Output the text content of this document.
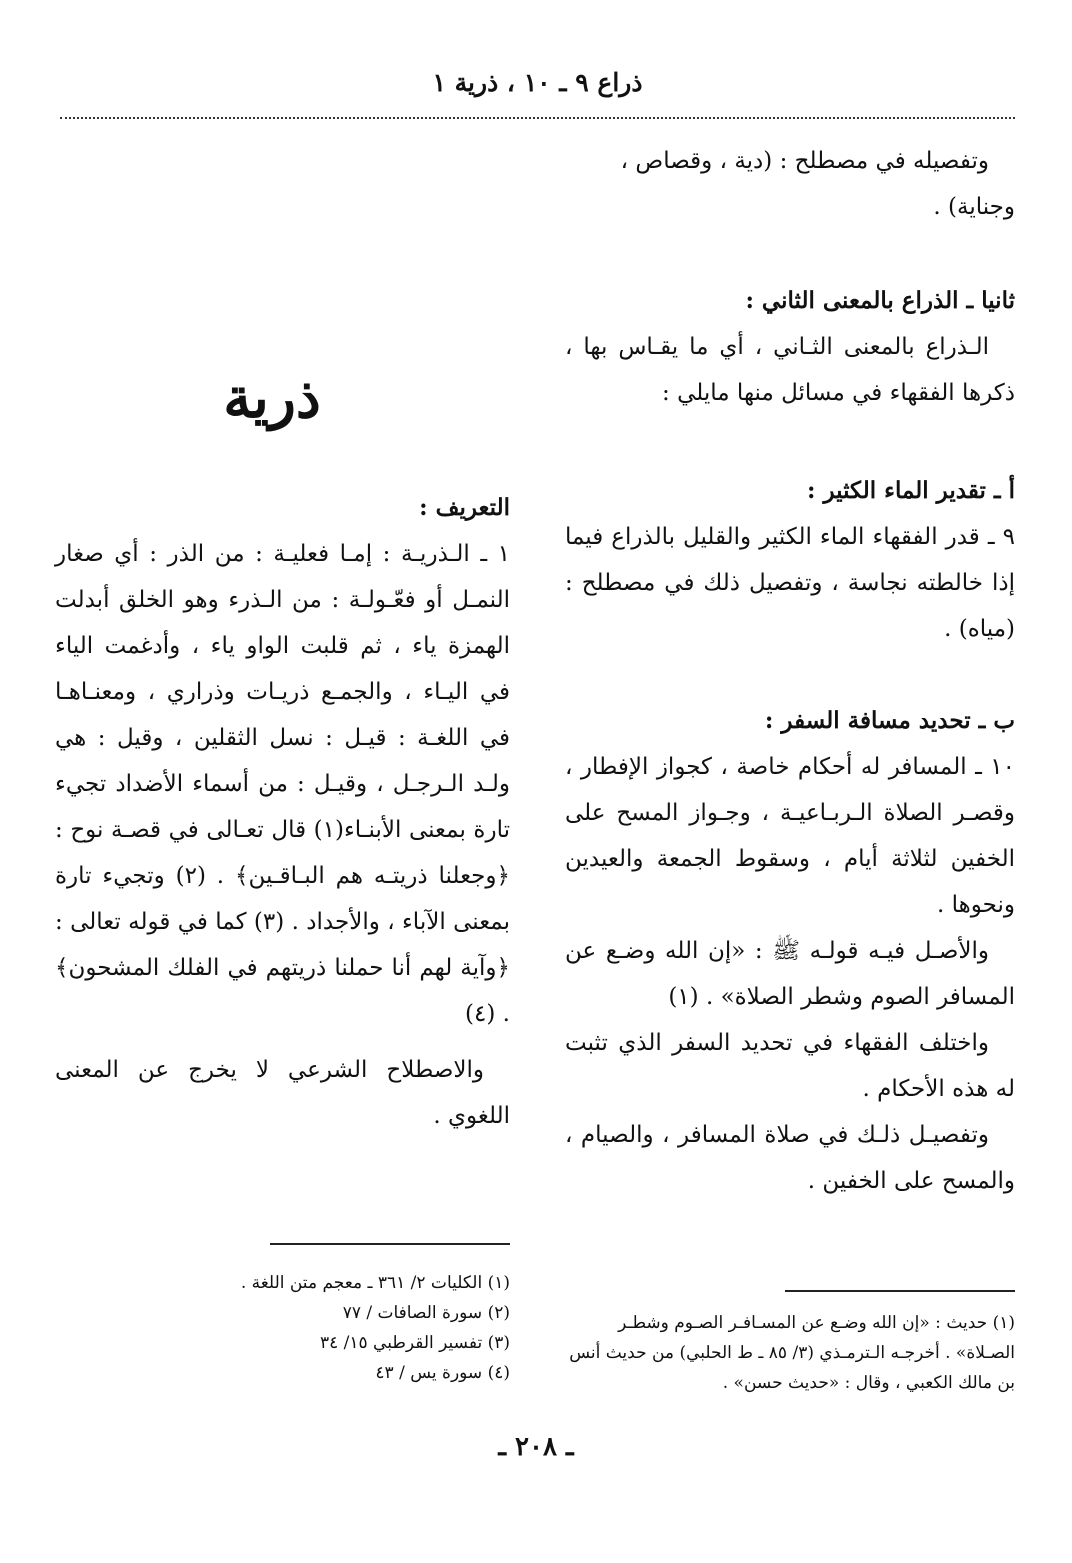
ذراع ٩ ـ ١٠ ، ذرية ١

وتفصيله في مصطلح : (دية ، وقصاص ،

وجناية) .

ثانيا ـ الذراع بالمعنى الثاني :

الـذراع بالمعنى الثـاني ، أي ما يقـاس بها ، ذكرها الفقهاء في مسائل منها مايلي :

أ ـ تقدير الماء الكثير :

٩ ـ قدر الفقهاء الماء الكثير والقليل بالذراع فيما إذا خالطته نجاسة ، وتفصيل ذلك في مصطلح : (مياه) .

ب ـ تحديد مسافة السفر :

١٠ ـ المسافر له أحكام خاصة ، كجواز الإفطار ، وقصـر الصلاة الـربـاعيـة ، وجـواز المسح على الخفين لثلاثة أيام ، وسقوط الجمعة والعيدين ونحوها .

والأصـل فيـه قولـه ﷺ : «إن الله وضـع عن المسافر الصوم وشطر الصلاة» . (١)

واختلف الفقهاء في تحديد السفر الذي تثبت له هذه الأحكام .

وتفصيـل ذلـك في صلاة المسافر ، والصيام ، والمسح على الخفين .

(١) حديث : «إن الله وضـع عن المسـافـر الصـوم وشطـر الصـلاة» . أخرجـه الـترمـذي (٣/ ٨٥ ـ ط الحلبي) من حديث أنس بن مالك الكعبي ، وقال : «حديث حسن» .

ذرية

التعريف :

١ ـ الـذريـة : إمـا فعليـة : من الذر : أي صغار النمـل أو فعّـولـة : من الـذرء وهو الخلق أبدلت الهمزة ياء ، ثم قلبت الواو ياء ، وأدغمت الياء في اليـاء ، والجمـع ذريـات وذراري ، ومعنـاهـا في اللغـة : قيـل : نسل الثقلين ، وقيل : هي ولـد الـرجـل ، وقيـل : من أسماء الأضداد تجيء تارة بمعنى الأبنـاء(١) قال تعـالى في قصـة نوح : ﴿وجعلنا ذريتـه هم البـاقـين﴾ . (٢) وتجيء تارة بمعنى الآباء ، والأجداد . (٣) كما في قوله تعالى : ﴿وآية لهم أنا حملنا ذريتهم في الفلك المشحون﴾ . (٤)

والاصطلاح الشرعي لا يخرج عن المعنى اللغوي .

(١) الكليات ٢/ ٣٦١ ـ معجم متن اللغة .

(٢) سورة الصافات / ٧٧

(٣) تفسير القرطبي ١٥/ ٣٤

(٤) سورة يس / ٤٣

ـ ٢٠٨ ـ
